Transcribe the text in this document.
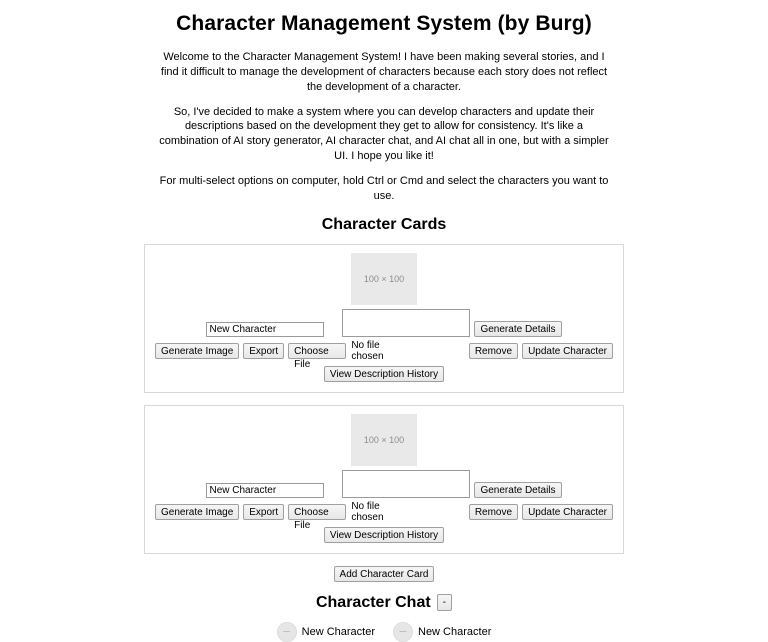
Character Management System (by Burg)

Welcome to the Character Management System! I have been making several stories, and I find it difficult to manage the development of characters because each story does not reflect the development of a character.

So, I've decided to make a system where you can develop characters and update their descriptions based on the development they get to allow for consistency. It's like a combination of AI story generator, AI character chat, and AI chat all in one, but with a simpler UI. I hope you like it!

For multi-select options on computer, hold Ctrl or Cmd and select the characters you want to use.

Character Cards
100 × 100
New Character
Generate Details
Generate Image	Export	Choose File
No file chosen	Remove	Update Character
View Description History
100 × 100
New Character
Generate Details
Generate Image	Export	Choose File
No file chosen	Remove	Update Character
View Description History
Add Character Card
Character Chat	-
—	New Character	—	New Character
